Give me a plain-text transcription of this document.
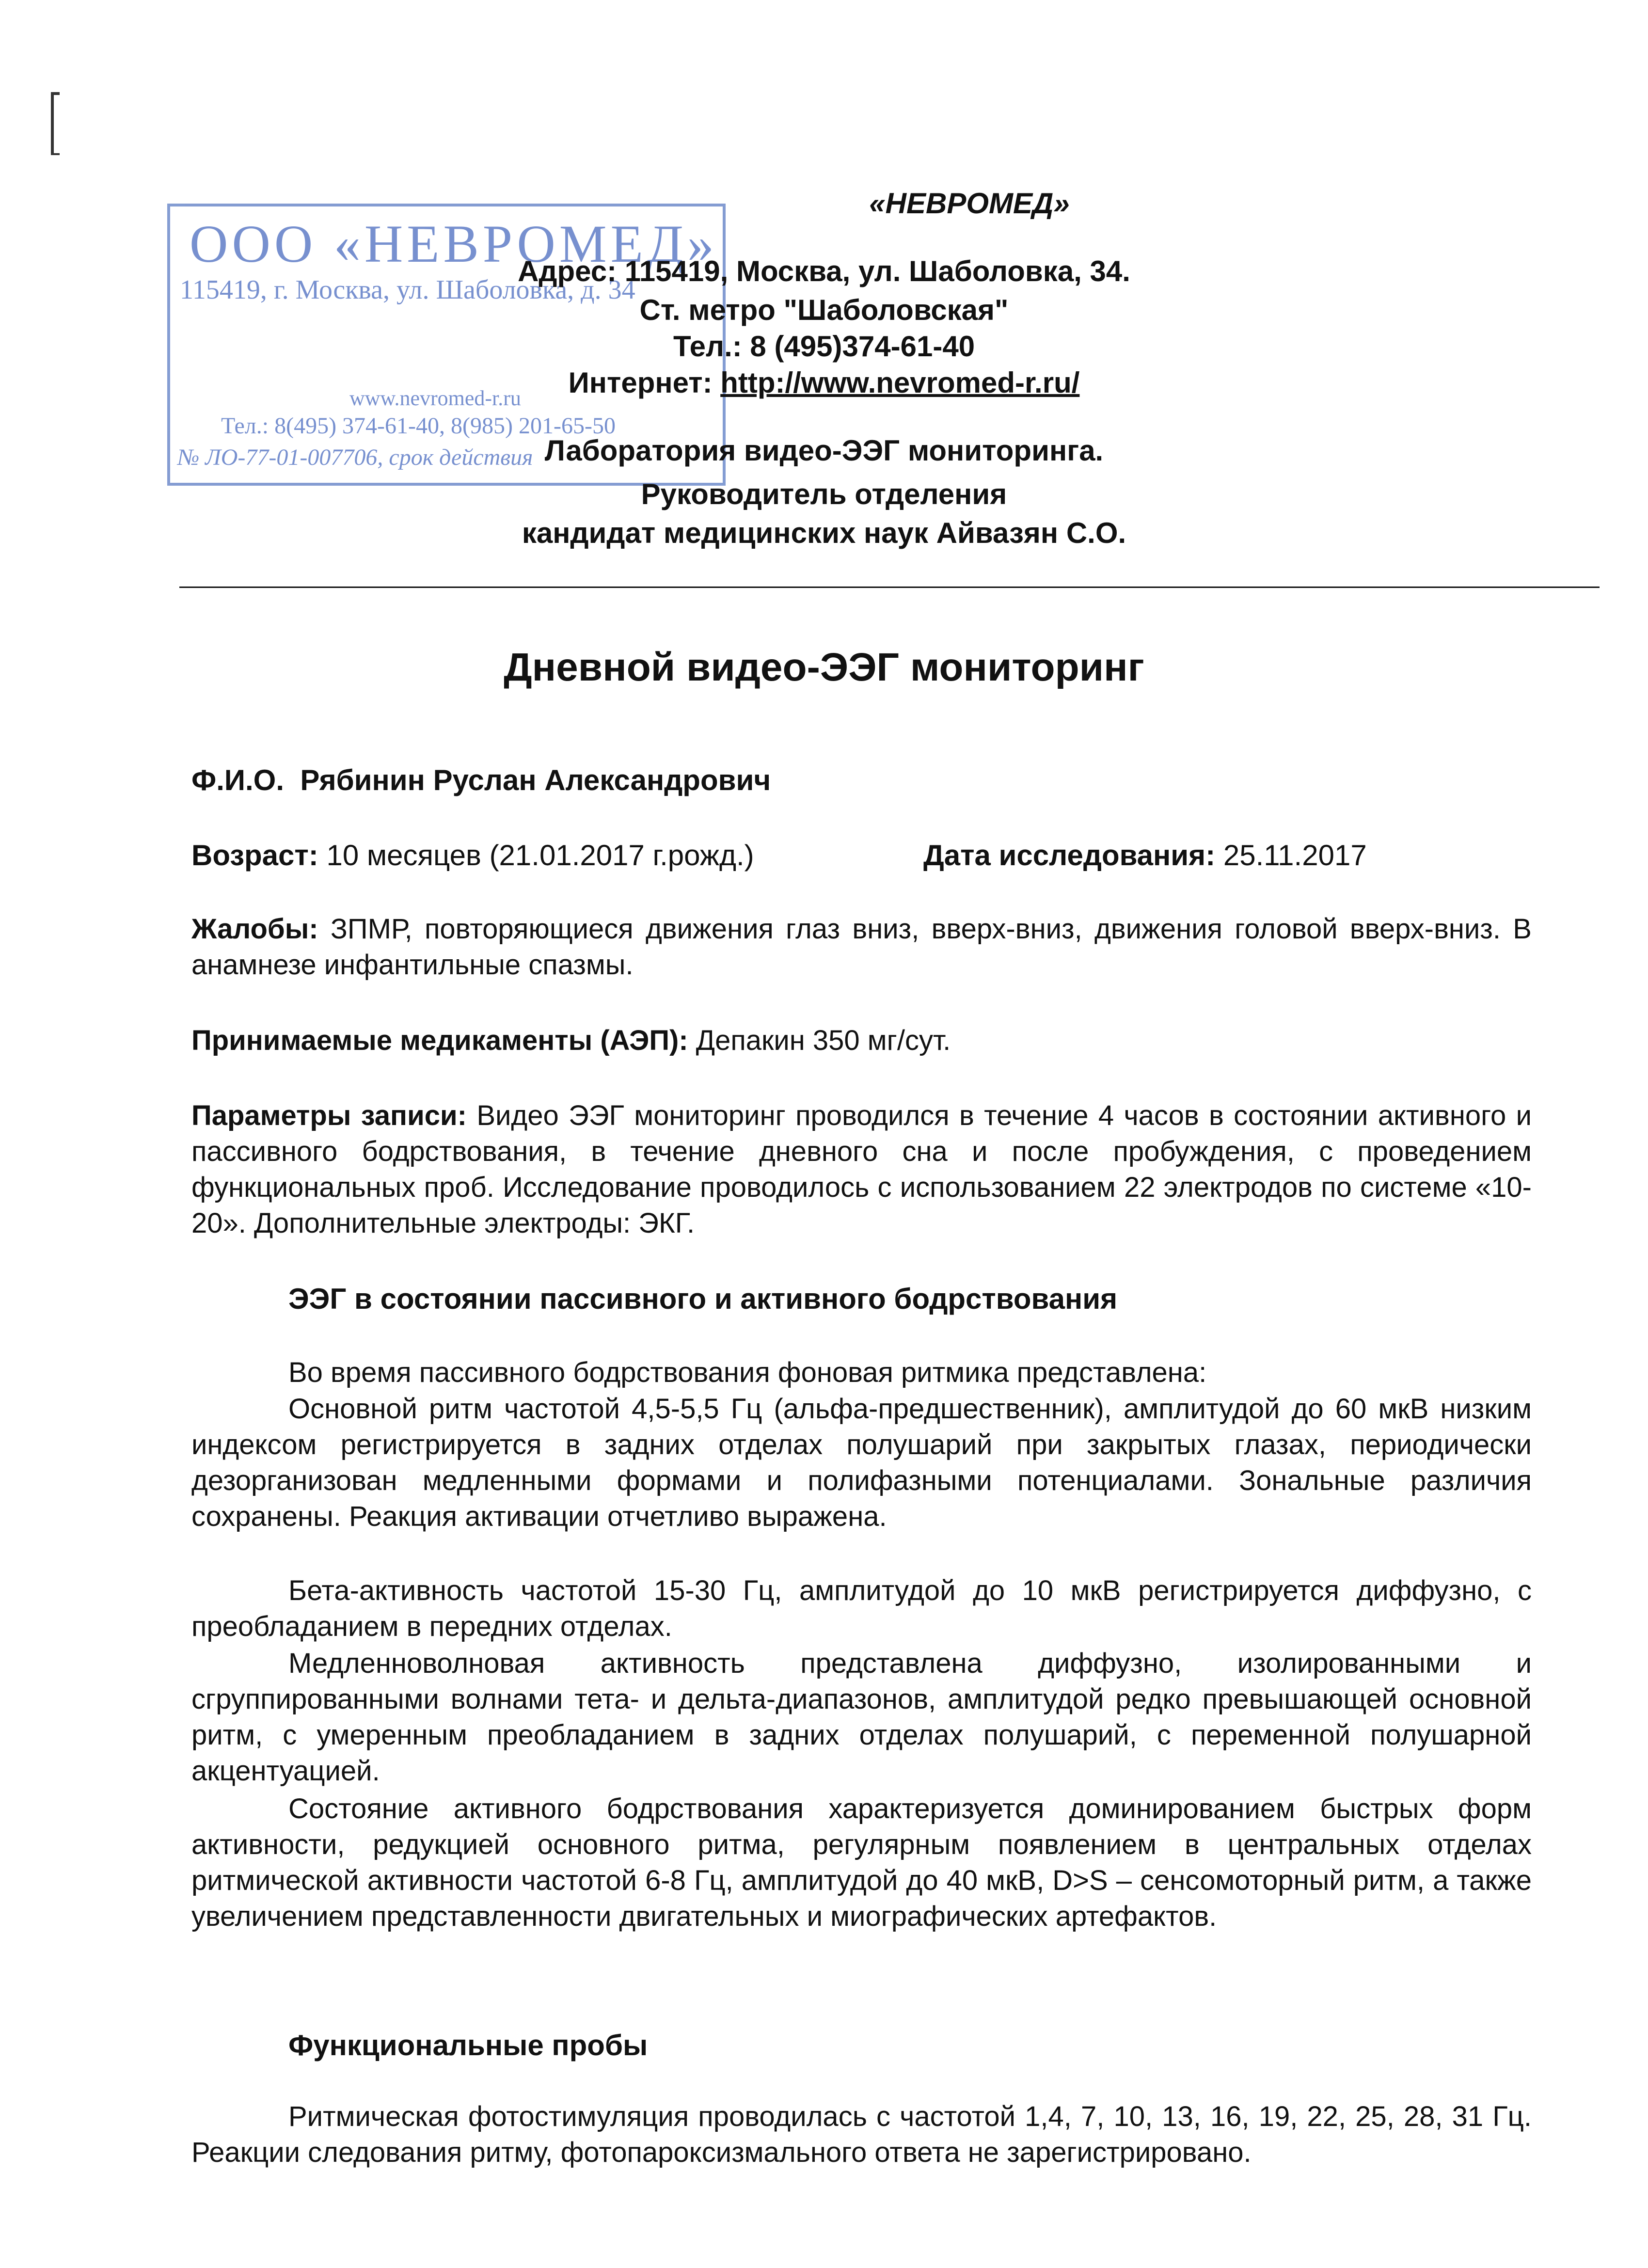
ООО «НЕВРОМЕД»
115419, г. Москва, ул. Шаболовка, д. 34
www.nevromed-r.ru
Тел.: 8(495) 374-61-40, 8(985) 201-65-50
№ ЛО-77-01-007706, срок действия
«НЕВРОМЕД»
Адрес: 115419, Москва, ул. Шаболовка, 34.
Ст. метро "Шаболовская"
Тел.: 8 (495)374-61-40
Интернет: http://www.nevromed-r.ru/
Лаборатория видео-ЭЭГ мониторинга.
Руководитель отделения
кандидат медицинских наук Айвазян С.О.
Дневной видео-ЭЭГ мониторинг
Ф.И.О. Рябинин Руслан Александрович
Возраст: 10 месяцев (21.01.2017 г.рожд.)	Дата исследования: 25.11.2017
Жалобы: ЗПМР, повторяющиеся движения глаз вниз, вверх-вниз, движения головой вверх-вниз. В анамнезе инфантильные спазмы.
Принимаемые медикаменты (АЭП): Депакин 350 мг/сут.
Параметры записи: Видео ЭЭГ мониторинг проводился в течение 4 часов в состоянии активного и пассивного бодрствования, в течение дневного сна и после пробуждения, с проведением функциональных проб. Исследование проводилось с использованием 22 электродов по системе «10-20». Дополнительные электроды: ЭКГ.
ЭЭГ в состоянии пассивного и активного бодрствования
Во время пассивного бодрствования фоновая ритмика представлена:
Основной ритм частотой 4,5-5,5 Гц (альфа-предшественник), амплитудой до 60 мкВ низким индексом регистрируется в задних отделах полушарий при закрытых глазах, периодически дезорганизован медленными формами и полифазными потенциалами. Зональные различия сохранены. Реакция активации отчетливо выражена.
Бета-активность частотой 15-30 Гц, амплитудой до 10 мкВ регистрируется диффузно, с преобладанием в передних отделах.
Медленноволновая активность представлена диффузно, изолированными и сгруппированными волнами тета- и дельта-диапазонов, амплитудой редко превышающей основной ритм, с умеренным преобладанием в задних отделах полушарий, с переменной полушарной акцентуацией.
Состояние активного бодрствования характеризуется доминированием быстрых форм активности, редукцией основного ритма, регулярным появлением в центральных отделах ритмической активности частотой 6-8 Гц, амплитудой до 40 мкВ, D>S – сенсомоторный ритм, а также увеличением представленности двигательных и миографических артефактов.
Функциональные пробы
Ритмическая фотостимуляция проводилась с частотой 1,4, 7, 10, 13, 16, 19, 22, 25, 28, 31 Гц. Реакции следования ритму, фотопароксизмального ответа не зарегистрировано.
